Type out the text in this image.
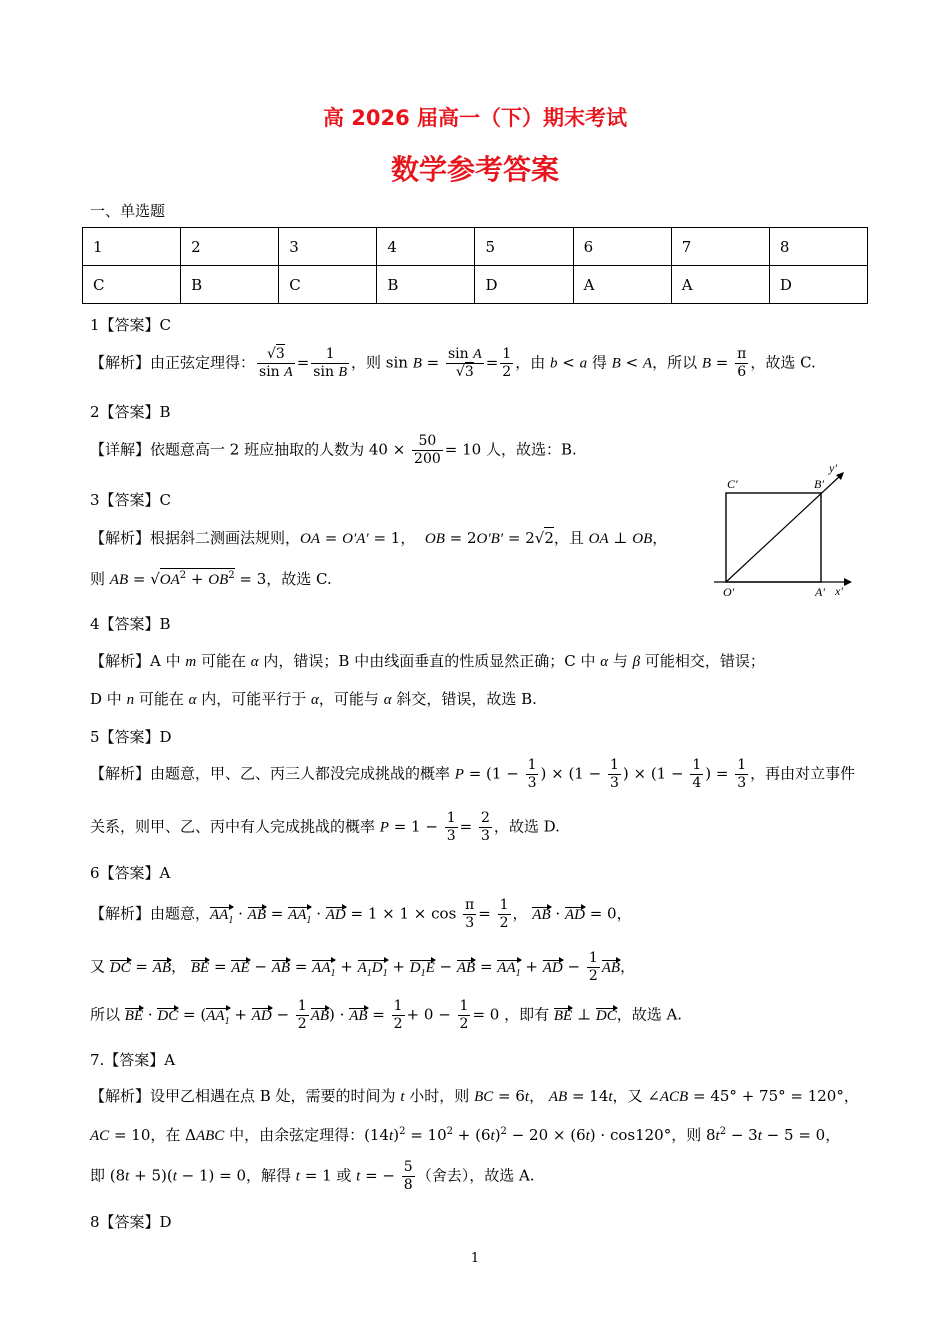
高 2026 届高一（下）期末考试
数学参考答案
一、单选题
1	2	3	4	5	6	7	8
C	B	C	B	D	A	A	D
1【答案】C
【解析】由正弦定理得： $\frac{√3}{\text{sin A}} = \frac{1}{\text{sin B}}$ ，则 $\sin B = \frac{\text{sin A}}{√3} = \frac{1}{2}$ ，由 b < a 得 B < A，所以 $B = \frac{\pi}{6}$ ，故选 C.
2【答案】B
【详解】依题意高一 2 班应抽取的人数为 $40 \times \frac{50}{200} = 10$ 人，故选：B.
3【答案】C
【解析】根据斜二测画法规则，OA = O′A′ = 1，  OB = 2O′B′ = 2√2，且 OA ⊥ OB，
则 AB = $√OA^2 + OB^2 = 3$，故选 C.
C′	B′
y′
O′	A′ x′
4【答案】B
【解析】A 中 m 可能在 α 内，错误；B 中由线面垂直的性质显然正确；C 中 α 与 β 可能相交，错误；
D 中 n 可能在 α 内，可能平行于 α，可能与 α 斜交，错误，故选 B.
5【答案】D
【解析】由题意，甲、乙、丙三人都没完成挑战的概率 $P = (1 - \frac{1}{3}$ ) × ($1 - \frac{1}{3}$ ) × ($1 - \frac{1}{4}$ ) = $\frac{1}{3}$ ，再由对立事件
关系，则甲、乙、丙中有人完成挑战的概率 $P = 1 - \frac{1}{3} = \frac{2}{3}$ ，故选 D.
6【答案】A
【解析】由题意，$AA_1$ · AB = $AA_1$ · AD = $1 \times 1 \times \cos \frac{\pi}{3} = \frac{1}{2}$ ， AB · AD = 0，
又 DC = AB， BE = AE − AB = $AA_1 + A_1D_1 + D_1E$ − AB = $AA_1$ + AD − $\frac{1}{2}$ AB，
所以 BE · DC = ($AA_1$ + AD − $\frac{1}{2} AB$) · AB = $\frac{1}{2} + 0 - \frac{1}{2} = 0$ ，即有 BE ⊥ DC，故选 A.
7.【答案】A
【解析】设甲乙相遇在点 B 处，需要的时间为 t 小时，则 BC = 6t， AB = 14t，又 ∠ACB = 45° + 75° = 120°，
AC = 10，在 ΔABC 中，由余弦定理得：$(14t)^2 = 10^2 + (6t)^2 - 20 \times (6t) \cdot \cos 120^\circ$，则 $8t^2 - 3t - 5 = 0$，
即 (8t + 5)(t − 1) = 0，解得 t = 1 或 t = − $\frac{5}{8}$ （舍去），故选 A.
8【答案】D
1
